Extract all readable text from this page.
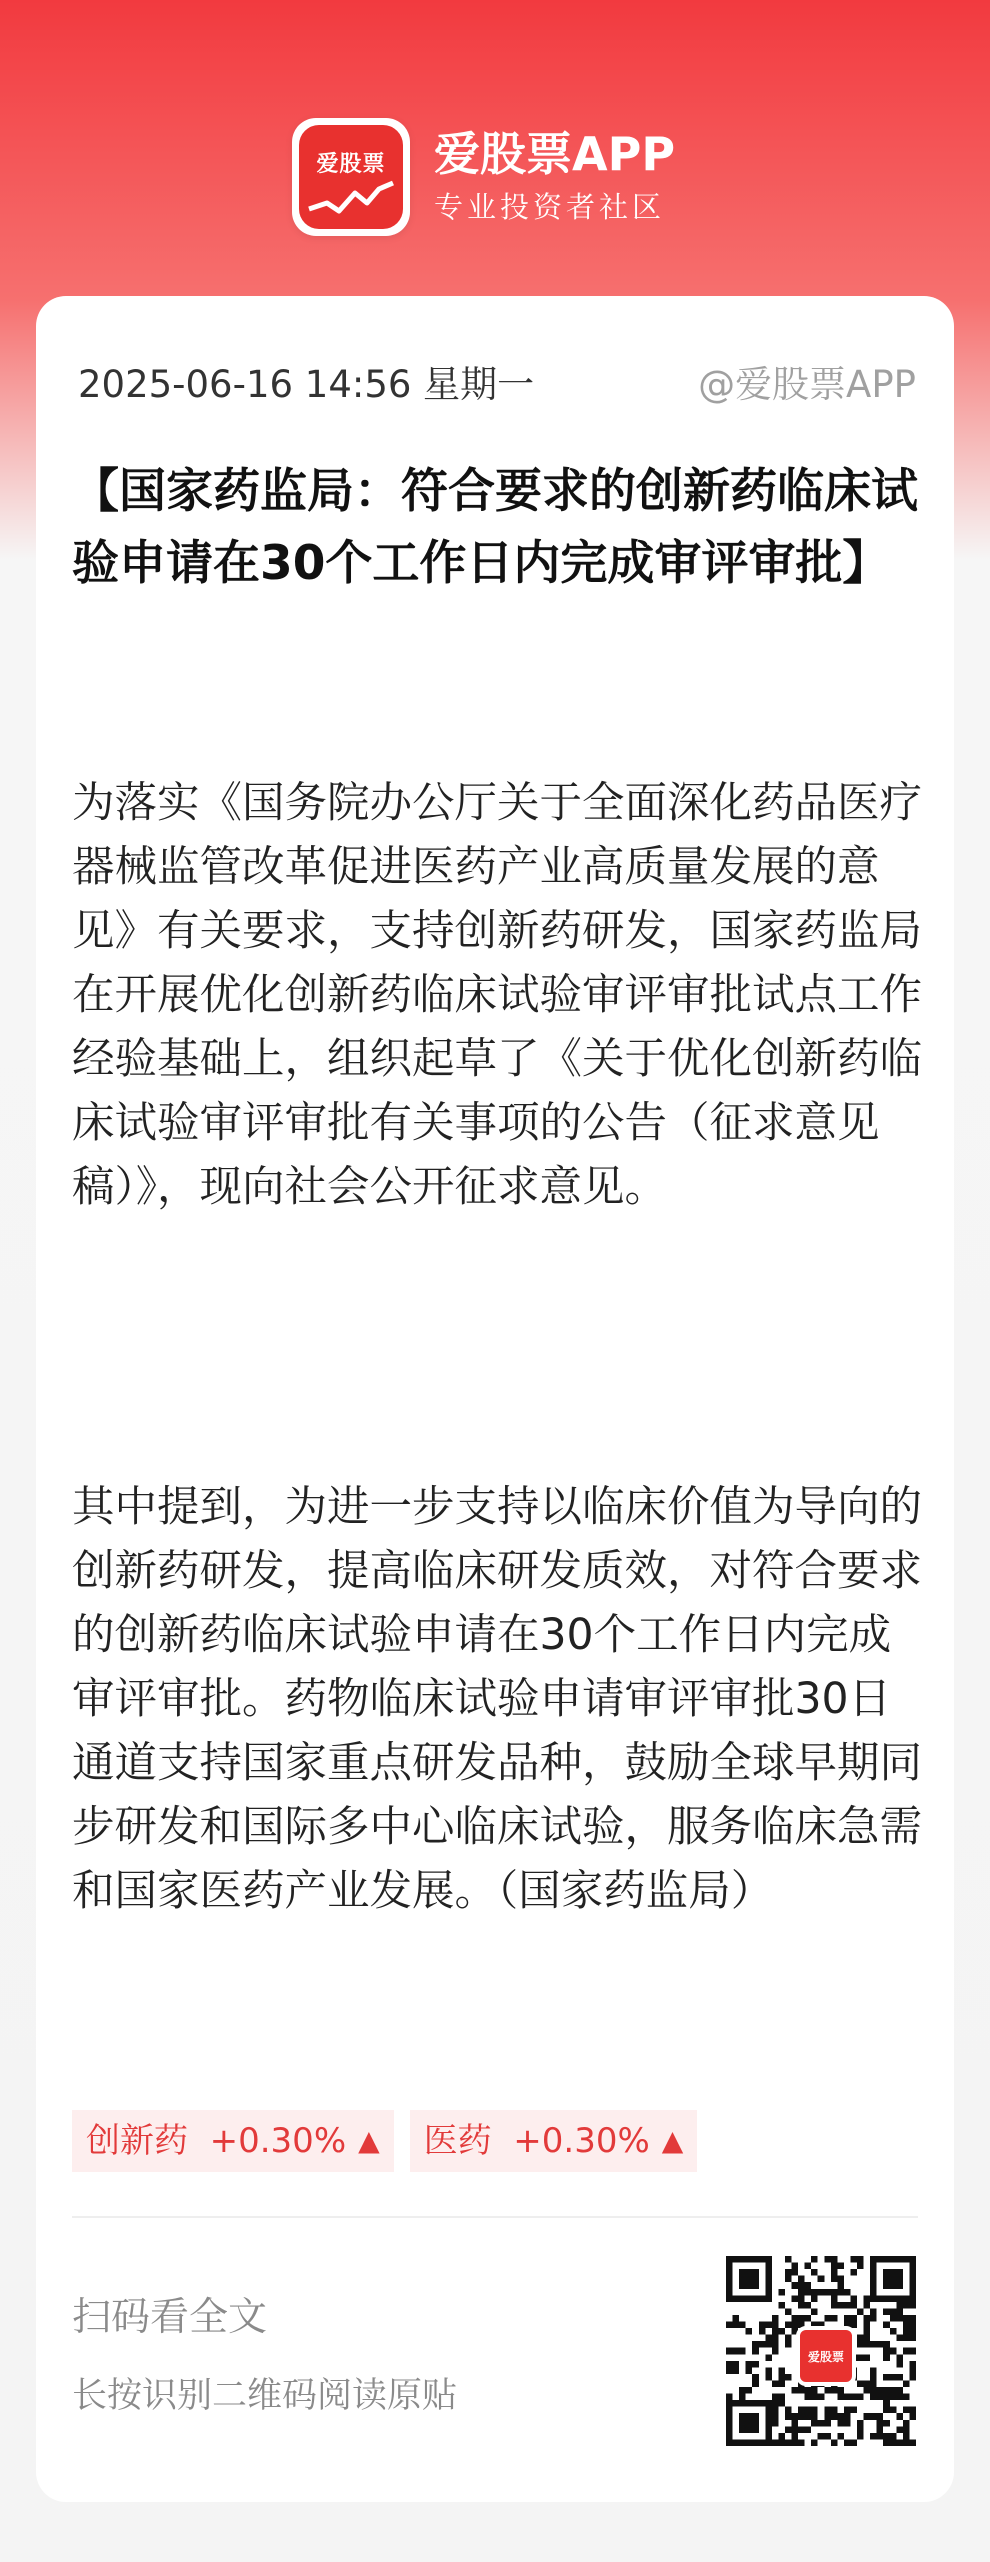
爱股票 爱股票APP
专业投资者社区
2025-06-16 14:56 星期一	@爱股票APP
【国家药监局：符合要求的创新药临床试验申请在30个工作日内完成审评审批】

为落实《国务院办公厅关于全面深化药品医疗器械监管改革促进医药产业高质量发展的意见》有关要求，支持创新药研发，国家药监局在开展优化创新药临床试验审评审批试点工作经验基础上，组织起草了《关于优化创新药临床试验审评审批有关事项的公告（征求意见稿）》，现向社会公开征求意见。

其中提到，为进一步支持以临床价值为导向的创新药研发，提高临床研发质效，对符合要求的创新药临床试验申请在30个工作日内完成审评审批。药物临床试验申请审评审批30日通道支持国家重点研发品种，鼓励全球早期同步研发和国际多中心临床试验，服务临床急需和国家医药产业发展。（国家药监局）

创新药
+0.30% ▲ 医药
+0.30% ▲
扫码看全文
长按识别二维码阅读原贴
爱股票
